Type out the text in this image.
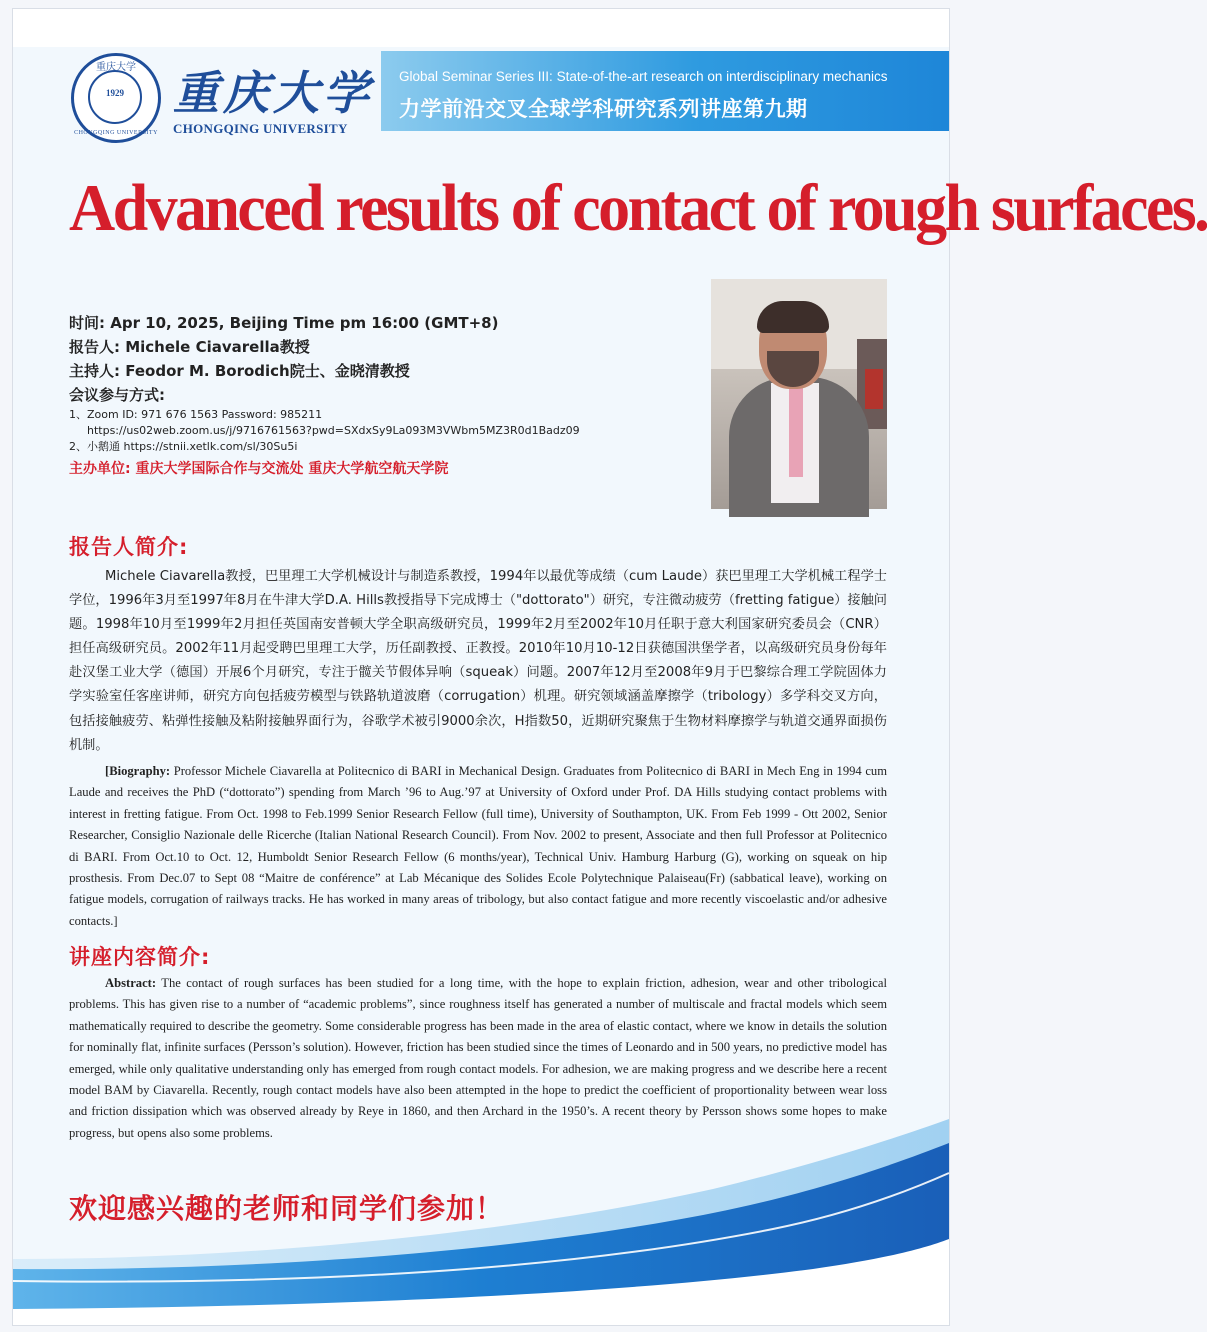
重庆大学
1929
CHONGQING UNIVERSITY
重庆大学
CHONGQING UNIVERSITY
Global Seminar Series III: State-of-the-art research on interdisciplinary mechanics
力学前沿交叉全球学科研究系列讲座第九期
Advanced results of contact of rough surfaces.
时间: Apr 10, 2025, Beijing Time pm 16:00 (GMT+8)
报告人: Michele Ciavarella教授
主持人: Feodor M. Borodich院士、金晓清教授
会议参与方式:
1、Zoom ID: 971 676 1563 Password: 985211
https://us02web.zoom.us/j/9716761563?pwd=SXdxSy9La093M3VWbm5MZ3R0d1Badz09
2、小鹅通 https://stnii.xetlk.com/sl/30Su5i
主办单位: 重庆大学国际合作与交流处 重庆大学航空航天学院
报告人简介:
Michele Ciavarella教授，巴里理工大学机械设计与制造系教授，1994年以最优等成绩（cum Laude）获巴里理工大学机械工程学士学位，1996年3月至1997年8月在牛津大学D.A. Hills教授指导下完成博士（"dottorato"）研究，专注微动疲劳（fretting fatigue）接触问题。1998年10月至1999年2月担任英国南安普顿大学全职高级研究员，1999年2月至2002年10月任职于意大利国家研究委员会（CNR）担任高级研究员。2002年11月起受聘巴里理工大学，历任副教授、正教授。2010年10月10-12日获德国洪堡学者，以高级研究员身份每年赴汉堡工业大学（德国）开展6个月研究，专注于髋关节假体异响（squeak）问题。2007年12月至2008年9月于巴黎综合理工学院固体力学实验室任客座讲师，研究方向包括疲劳模型与铁路轨道波磨（corrugation）机理。研究领域涵盖摩擦学（tribology）多学科交叉方向，包括接触疲劳、粘弹性接触及粘附接触界面行为，谷歌学术被引9000余次，H指数50，近期研究聚焦于生物材料摩擦学与轨道交通界面损伤机制。
[Biography: Professor Michele Ciavarella at Politecnico di BARI in Mechanical Design. Graduates from Politecnico di BARI in Mech Eng in 1994 cum Laude and receives the PhD (“dottorato”) spending from March ’96 to Aug.’97 at University of Oxford under Prof. DA Hills studying contact problems with interest in fretting fatigue. From Oct. 1998 to Feb.1999 Senior Research Fellow (full time), University of Southampton, UK. From Feb 1999 - Ott 2002, Senior Researcher, Consiglio Nazionale delle Ricerche (Italian National Research Council). From Nov. 2002 to present, Associate and then full Professor at Politecnico di BARI. From Oct.10 to Oct. 12, Humboldt Senior Research Fellow (6 months/year), Technical Univ. Hamburg Harburg (G), working on squeak on hip prosthesis. From Dec.07 to Sept 08 “Maitre de conférence” at Lab Mécanique des Solides Ecole Polytechnique Palaiseau(Fr) (sabbatical leave), working on fatigue models, corrugation of railways tracks. He has worked in many areas of tribology, but also contact fatigue and more recently viscoelastic and/or adhesive contacts.]
讲座内容简介:
Abstract: The contact of rough surfaces has been studied for a long time, with the hope to explain friction, adhesion, wear and other tribological problems. This has given rise to a number of “academic problems”, since roughness itself has generated a number of multiscale and fractal models which seem mathematically required to describe the geometry. Some considerable progress has been made in the area of elastic contact, where we know in details the solution for nominally flat, infinite surfaces (Persson’s solution). However, friction has been studied since the times of Leonardo and in 500 years, no predictive model has emerged, while only qualitative understanding only has emerged from rough contact models. For adhesion, we are making progress and we describe here a recent model BAM by Ciavarella. Recently, rough contact models have also been attempted in the hope to predict the coefficient of proportionality between wear loss and friction dissipation which was observed already by Reye in 1860, and then Archard in the 1950’s. A recent theory by Persson shows some hopes to make progress, but opens also some problems.
欢迎感兴趣的老师和同学们参加！
